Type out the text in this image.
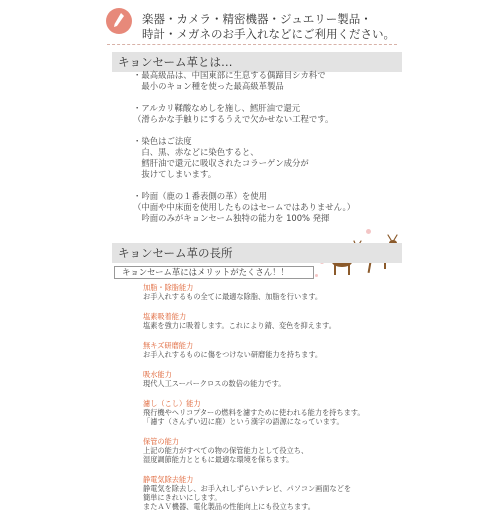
楽器・カメラ・精密機器・ジュエリー製品・
時計・メガネのお手入れなどにご利用ください。
キョンセーム革とは…
・最高級品は、中国東部に生息する偶蹄目シカ科で
　最小のキョン種を使った最高級革製品
・アルカリ鞣酸なめしを施し、鱈肝油で還元
（滑らかな手触りにするうえで欠かせない工程です。
・染色はご法度
　白、黒、赤などに染色すると、
　鱈肝油で還元に吸収されたコラーゲン成分が
　抜けてしまいます。
・吟面（鹿の１番表側の革）を使用
（中面や中床面を使用したものはセームではありません。）
　吟面のみがキョンセーム独特の能力を 100% 発揮
キョンセーム革の長所
キョンセーム革にはメリットがたくさん！！
加脂・除脂能力
お手入れするもの全てに最適な除脂、加脂を行います。
塩素吸着能力
塩素を強力に吸着します。これにより錆、変色を抑えます。
無キズ研磨能力
お手入れするものに傷をつけない研磨能力を持ちます。
吸水能力
現代人工スーパークロスの数倍の能力です。
濾し（こし）能力
飛行機やヘリコプターの燃料を濾すために使われる能力を持ちます。
「濾す（さんずい辺に鹿）という漢字の語源になっています。
保管の能力
上記の能力がすべての物の保管能力として役立ち、
湿度調節能力とともに最適な環境を保ちます。
静電気除去能力
静電気を除去し、お手入れしずらいテレビ、パソコン画面などを
簡単にきれいにします。
またＡＶ機器、電化製品の性能向上にも役立ちます。
